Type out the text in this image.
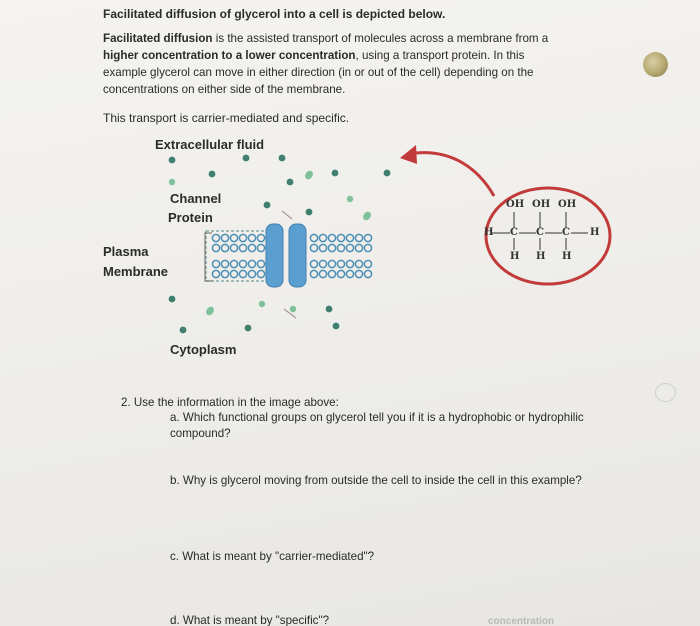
Facilitated diffusion of glycerol into a cell is depicted below.

Facilitated diffusion is the assisted transport of molecules across a membrane from a
higher concentration to a lower concentration, using a transport protein. In this
example glycerol can move in either direction (in or out of the cell) depending on the
concentrations on either side of the membrane.

This transport is carrier-mediated and specific.

Extracellular fluid

Channel

Protein

Plasma

Membrane

Cytoplasm

OH OH OH
H C C C H
H H H

2. Use the information in the image above:

a. Which functional groups on glycerol tell you if it is a hydrophobic or hydrophilic compound?

b. Why is glycerol moving from outside the cell to inside the cell in this example?

c. What is meant by "carrier-mediated"?

d. What is meant by "specific"?	concentration
